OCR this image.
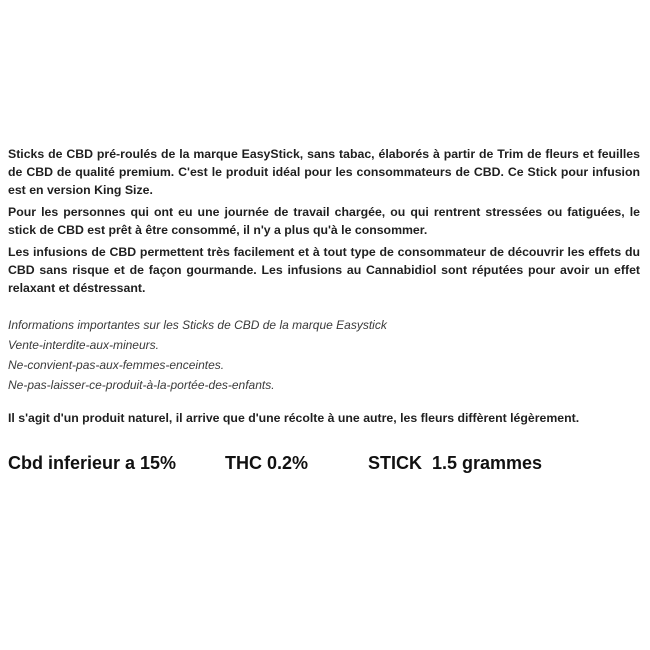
Sticks de CBD pré-roulés de la marque EasyStick, sans tabac, élaborés à partir de Trim de fleurs et feuilles de CBD de qualité premium. C'est le produit idéal pour les consommateurs de CBD. Ce Stick pour infusion est en version King Size.

Pour les personnes qui ont eu une journée de travail chargée, ou qui rentrent stressées ou fatiguées, le stick de CBD est prêt à être consommé, il n'y a plus qu'à le consommer.

Les infusions de CBD permettent très facilement et à tout type de consommateur de découvrir les effets du CBD sans risque et de façon gourmande. Les infusions au Cannabidiol sont réputées pour avoir un effet relaxant et déstressant.

Informations importantes sur les Sticks de CBD de la marque Easystick

Vente-interdite-aux-mineurs.

Ne-convient-pas-aux-femmes-enceintes.

Ne-pas-laisser-ce-produit-à-la-portée-des-enfants.

Il s'agit d'un produit naturel, il arrive que d'une récolte à une autre, les fleurs diffèrent légèrement.

Cbd inferieur a 15%	THC 0.2%	STICK  1.5 grammes
